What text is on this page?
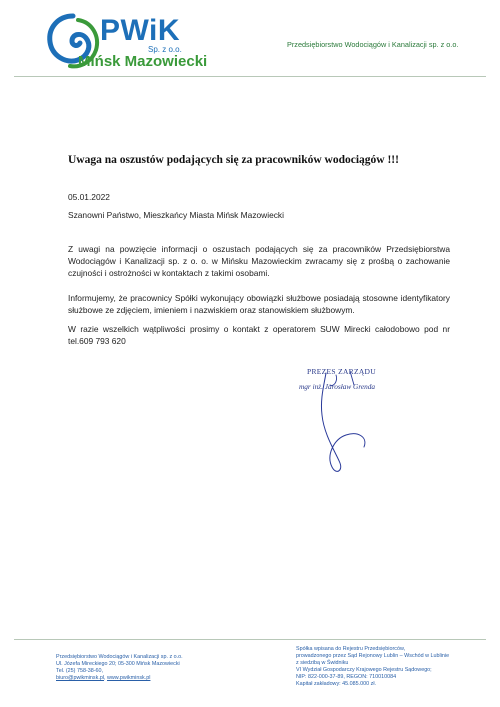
PWiK
Sp. z o.o.
Mińsk Mazowiecki
Przedsiębiorstwo Wodociągów i Kanalizacji sp. z o.o.
Uwaga na oszustów podających się za pracowników wodociągów !!!
05.01.2022
Szanowni Państwo, Mieszkańcy Miasta Mińsk Mazowiecki

Z uwagi na powzięcie informacji o oszustach podających się za pracowników Przedsiębiorstwa Wodociągów i Kanalizacji sp. z o. o. w Mińsku Mazowieckim zwracamy się z prośbą o zachowanie czujności i ostrożności w kontaktach z takimi osobami.

Informujemy, że pracownicy Spółki wykonujący obowiązki służbowe posiadają stosowne identyfikatory służbowe ze zdjęciem, imieniem i nazwiskiem oraz stanowiskiem służbowym.

W razie wszelkich wątpliwości prosimy o kontakt z operatorem SUW Mirecki całodobowo pod nr tel.609 793 620

PREZES ZARZĄDU
mgr inż. Jarosław Grenda
Przedsiębiorstwo Wodociągów i Kanalizacji sp. z o.o.
Ul. Józefa Mireckiego 20; 05-300 Mińsk Mazowiecki
Tel. (25) 758-38-60,
biuro@pwikminsk.pl, www.pwikminsk.pl
Spółka wpisana do Rejestru Przedsiębiorców,
prowadzonego przez Sąd Rejonowy Lublin – Wschód w Lublinie
z siedzibą w Świdniku
VI Wydział Gospodarczy Krajowego Rejestru Sądowego;
NIP: 822-000-37-89, REGON: 710010084
Kapitał zakładowy: 45.085.000 zł.
